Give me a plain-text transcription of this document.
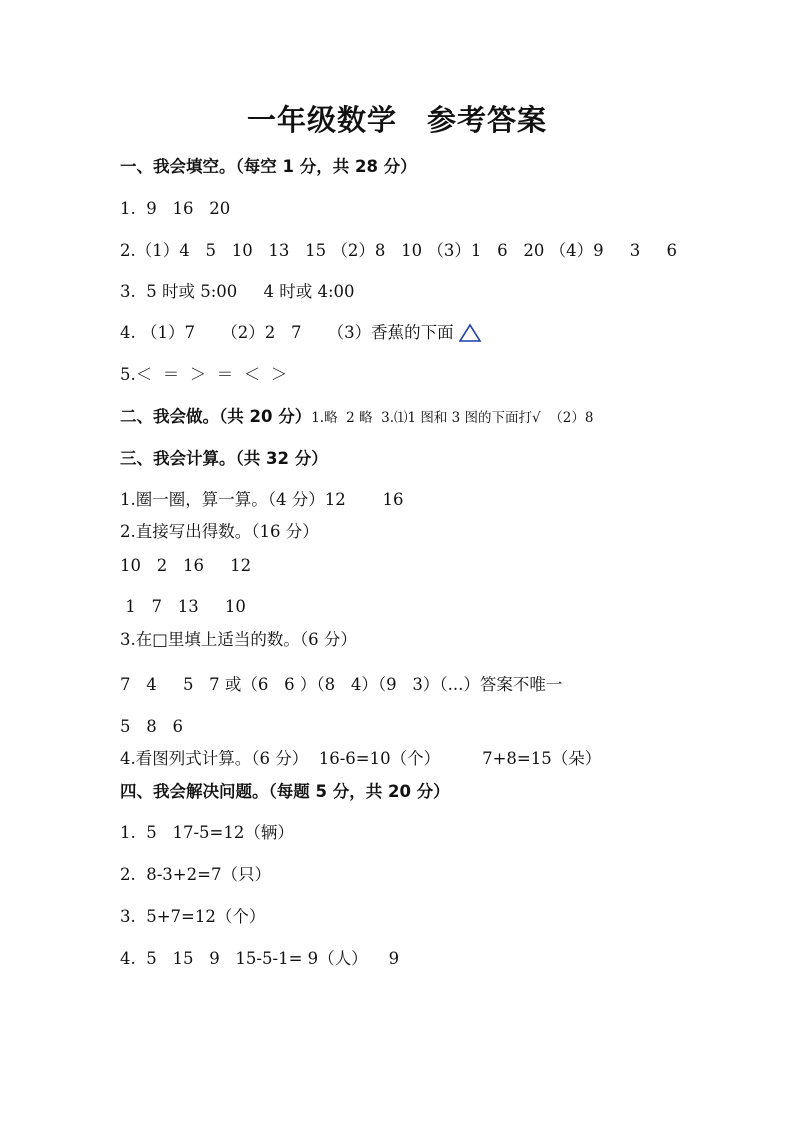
一年级数学　参考答案
一、我会填空。（每空 1 分，共 28 分）
1.  9   16   20
2.（1）4   5   10   13   15 （2）8   10 （3）1   6   20 （4）9     3     6
3.  5 时或 5:00     4 时或 4:00
4. （1）7     （2）2   7     （3）香蕉的下面
5.＜  ＝  ＞  ＝  ＜  ＞
二、我会做。（共 20 分）1.略  2 略  3.⑴1 图和 3 图的下面打√  （2）8
三、我会计算。（共 32 分）
1.圈一圈，算一算。（4 分）12       16
2.直接写出得数。（16 分）
10   2   16     12
1   7   13     10
3.在□里填上适当的数。（6 分）
7   4     5   7 或（6   6 ）（8   4）（9   3）（...）答案不唯一
5   8   6
4.看图列式计算。（6 分）  16-6=10（个）        7+8=15（朵）
四、我会解决问题。（每题 5 分，共 20 分）
1.  5   17-5=12（辆）
2.  8-3+2=7（只）
3.  5+7=12（个）
4.  5   15   9   15-5-1= 9（人）    9
